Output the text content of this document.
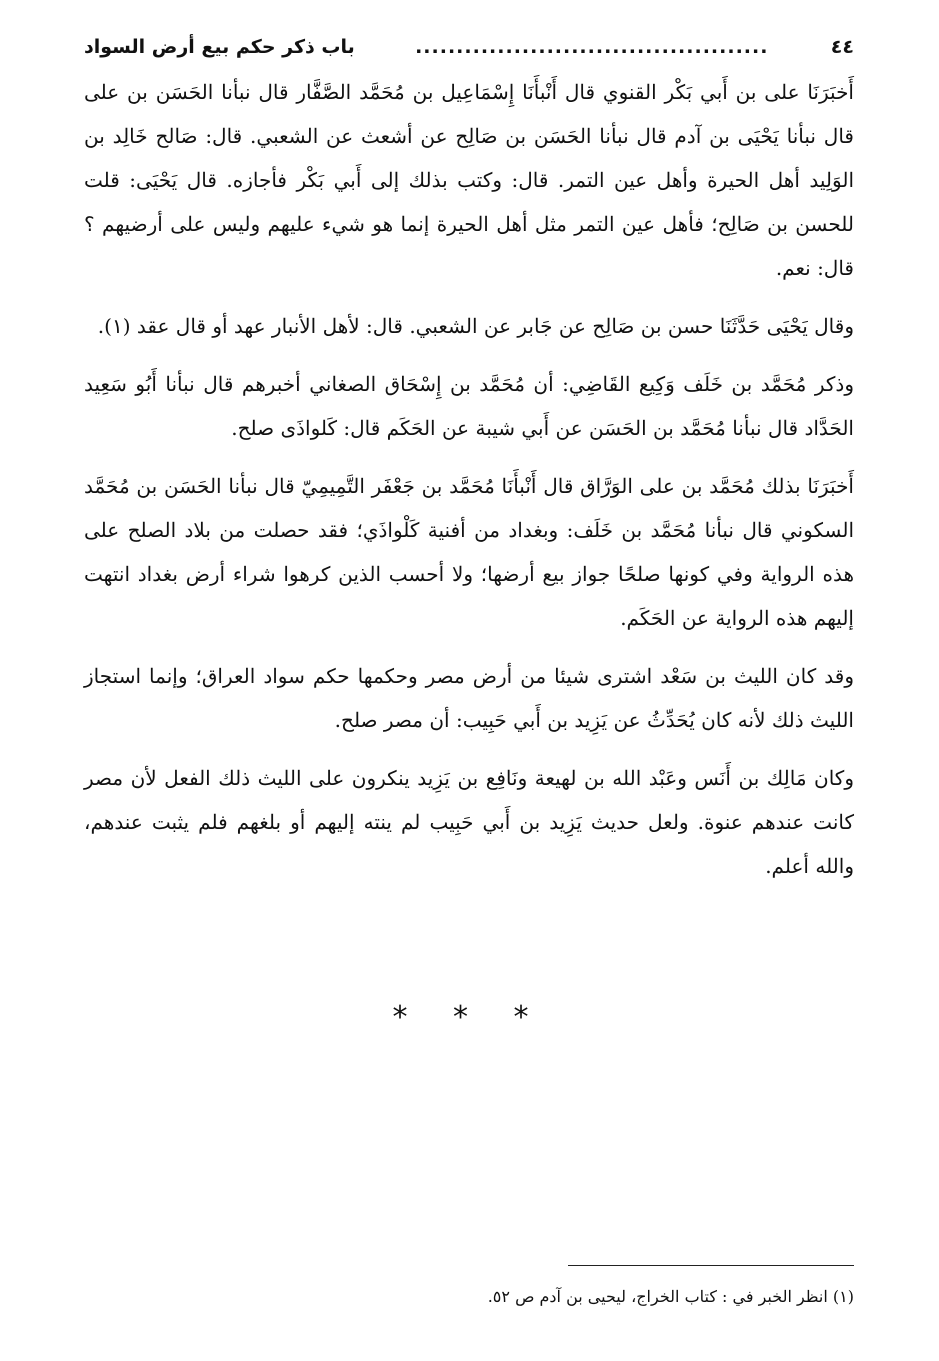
٤٤
...........................................
باب ذكر حكم بيع أرض السواد

أَخبَرَنَا على بن أَبي بَكْر القنوي قال أَنْبأَنَا إِسْمَاعِيل بن مُحَمَّد الصَّفَّار قال نبأنا الحَسَن بن على قال نبأنا يَحْيَى بن آدم قال نبأنا الحَسَن بن صَالِح عن أشعث عن الشعبي. قال: صَالح خَالِد بن الوَلِيد أهل الحيرة وأهل عين التمر. قال: وكتب بذلك إلى أَبي بَكْر فأجازه. قال يَحْيَى: قلت للحسن بن صَالِح؛ فأهل عين التمر مثل أهل الحيرة إنما هو شيء عليهم وليس على أرضيهم ؟ قال: نعم.

وقال يَحْيَى حَدَّثَنَا حسن بن صَالِح عن جَابر عن الشعبي. قال: لأهل الأنبار عهد أو قال عقد (١).

وذكر مُحَمَّد بن خَلَف وَكِيع القَاضِي: أن مُحَمَّد بن إِسْحَاق الصغاني أخبرهم قال نبأنا أَبُو سَعِيد الحَدَّاد قال نبأنا مُحَمَّد بن الحَسَن عن أَبي شيبة عن الحَكَم قال: كَلواذَى صلح.

أَخبَرَنَا بذلك مُحَمَّد بن على الوَرَّاق قال أَنْبأَنَا مُحَمَّد بن جَعْفَر التَّمِيمِيّ قال نبأنا الحَسَن بن مُحَمَّد السكوني قال نبأنا مُحَمَّد بن خَلَف: وبغداد من أفنية كَلْواذَي؛ فقد حصلت من بلاد الصلح على هذه الرواية وفي كونها صلحًا جواز بيع أرضها؛ ولا أحسب الذين كرهوا شراء أرض بغداد انتهت إليهم هذه الرواية عن الحَكَم.

وقد كان الليث بن سَعْد اشترى شيئا من أرض مصر وحكمها حكم سواد العراق؛ وإنما استجاز الليث ذلك لأنه كان يُحَدِّثُ عن يَزِيد بن أَبي حَبِيب: أن مصر صلح.

وكان مَالِك بن أَنَس وعَبْد الله بن لهيعة ونَافِع بن يَزِيد ينكرون على الليث ذلك الفعل لأن مصر كانت عندهم عنوة. ولعل حديث يَزِيد بن أَبي حَبِيب لم ينته إليهم أو بلغهم فلم يثبت عندهم، والله أعلم.

* * *
(١) انظر الخبر في : كتاب الخراج، ليحيى بن آدم ص ٥٢.
